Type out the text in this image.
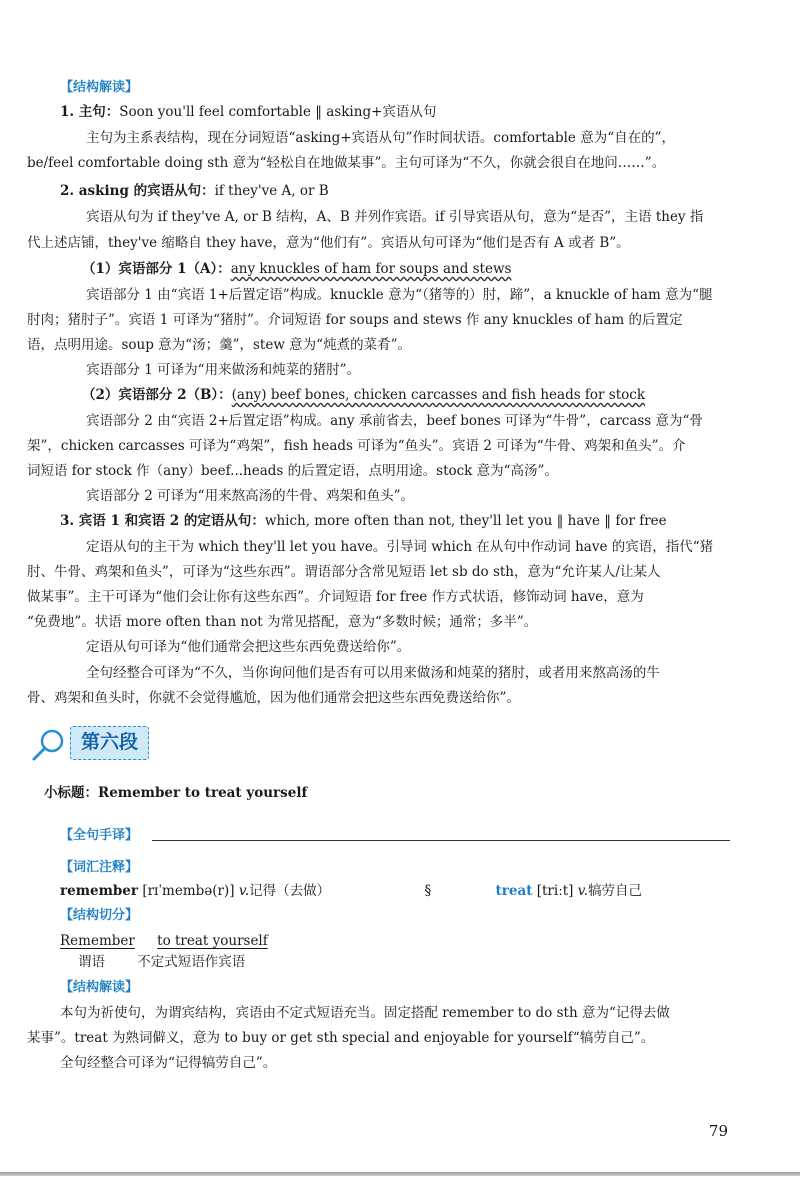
【结构解读】
1. 主句：Soon you'll feel comfortable ‖ asking+宾语从句
主句为主系表结构，现在分词短语“asking+宾语从句”作时间状语。comfortable 意为“自在的”，
be/feel comfortable doing sth 意为“轻松自在地做某事”。主句可译为“不久，你就会很自在地问……”。
2. asking 的宾语从句：if they've A, or B
宾语从句为 if they've A, or B 结构，A、B 并列作宾语。if 引导宾语从句，意为“是否”，主语 they 指
代上述店铺，they've 缩略自 they have，意为“他们有”。宾语从句可译为“他们是否有 A 或者 B”。
（1）宾语部分 1（A）：any knuckles of ham for soups and stews
宾语部分 1 由“宾语 1+后置定语”构成。knuckle 意为“（猪等的）肘，蹄”，a knuckle of ham 意为“腿
肘肉；猪肘子”。宾语 1 可译为“猪肘”。介词短语 for soups and stews 作 any knuckles of ham 的后置定
语，点明用途。soup 意为“汤；羹”，stew 意为“炖煮的菜肴”。
宾语部分 1 可译为“用来做汤和炖菜的猪肘”。
（2）宾语部分 2（B）：(any) beef bones, chicken carcasses and fish heads for stock
宾语部分 2 由“宾语 2+后置定语”构成。any 承前省去，beef bones 可译为“牛骨”，carcass 意为“骨
架”，chicken carcasses 可译为“鸡架”，fish heads 可译为“鱼头”。宾语 2 可译为“牛骨、鸡架和鱼头”。介
词短语 for stock 作（any）beef...heads 的后置定语，点明用途。stock 意为“高汤”。
宾语部分 2 可译为“用来熬高汤的牛骨、鸡架和鱼头”。
3. 宾语 1 和宾语 2 的定语从句：which, more often than not, they'll let you ‖ have ‖ for free
定语从句的主干为 which they'll let you have。引导词 which 在从句中作动词 have 的宾语，指代“猪
肘、牛骨、鸡架和鱼头”，可译为“这些东西”。谓语部分含常见短语 let sb do sth，意为“允许某人/让某人
做某事”。主干可译为“他们会让你有这些东西”。介词短语 for free 作方式状语，修饰动词 have，意为
“免费地”。状语 more often than not 为常见搭配，意为“多数时候；通常；多半”。
定语从句可译为“他们通常会把这些东西免费送给你”。
全句经整合可译为“不久，当你询问他们是否有可以用来做汤和炖菜的猪肘，或者用来熬高汤的牛
骨、鸡架和鱼头时，你就不会觉得尴尬，因为他们通常会把这些东西免费送给你”。
第六段
小标题：Remember to treat yourself
【全句手译】
【词汇注释】
remember [rɪˈmembə(r)] v.记得（去做）	§	treat [triːt] v.犒劳自己
【结构切分】
Remember to treat yourself
谓语 不定式短语作宾语
【结构解读】
本句为祈使句，为谓宾结构，宾语由不定式短语充当。固定搭配 remember to do sth 意为“记得去做
某事”。treat 为熟词僻义，意为 to buy or get sth special and enjoyable for yourself“犒劳自己”。
全句经整合可译为“记得犒劳自己”。
79
